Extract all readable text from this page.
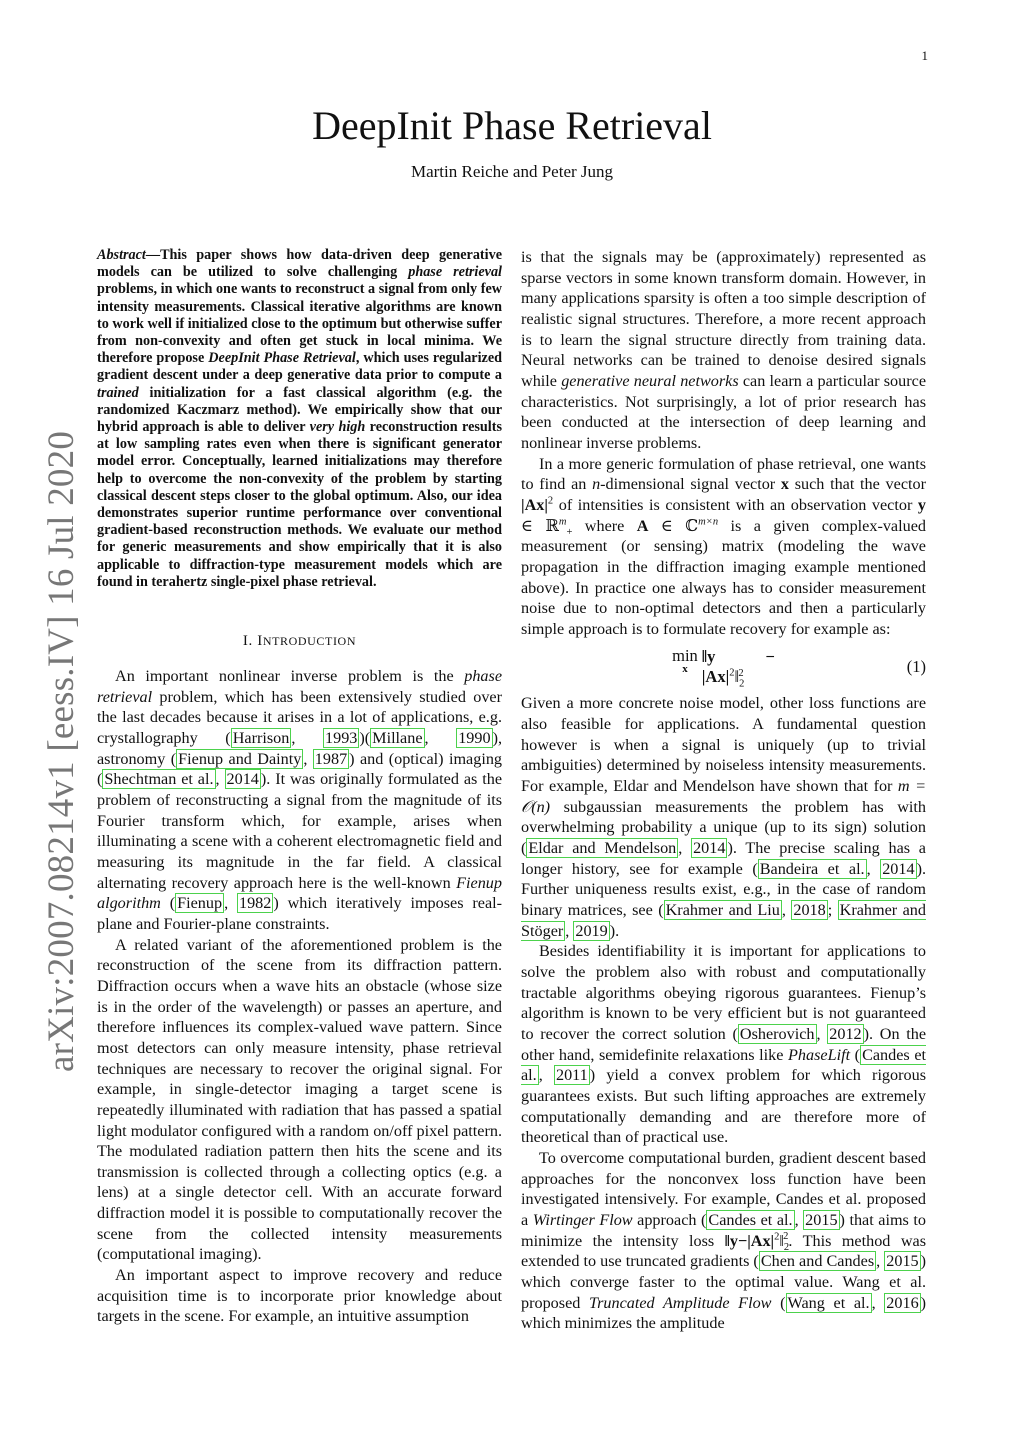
1
arXiv:2007.08214v1 [eess.IV] 16 Jul 2020
DeepInit Phase Retrieval
Martin Reiche and Peter Jung

Abstract—This paper shows how data-driven deep generative models can be utilized to solve challenging phase retrieval problems, in which one wants to reconstruct a signal from only few intensity measurements. Classical iterative algorithms are known to work well if initialized close to the optimum but otherwise suffer from non-convexity and often get stuck in local minima. We therefore propose DeepInit Phase Retrieval, which uses regularized gradient descent under a deep generative data prior to compute a trained initialization for a fast classical algorithm (e.g. the randomized Kaczmarz method). We empirically show that our hybrid approach is able to deliver very high reconstruction results at low sampling rates even when there is significant generator model error. Conceptually, learned initializations may therefore help to overcome the non-convexity of the problem by starting classical descent steps closer to the global optimum. Also, our idea demonstrates superior runtime performance over conventional gradient-based reconstruction methods. We evaluate our method for generic measurements and show empirically that it is also applicable to diffraction-type measurement models which are found in terahertz single-pixel phase retrieval.

I. INTRODUCTION

An important nonlinear inverse problem is the phase retrieval problem, which has been extensively studied over the last decades because it arises in a lot of applications, e.g. crystallography ( Harrison , 1993 )( Millane , 1990 ), astronomy ( Fienup and Dainty , 1987 ) and (optical) imaging ( Shechtman et al. , 2014 ). It was originally formulated as the problem of reconstructing a signal from the magnitude of its Fourier transform which, for example, arises when illuminating a scene with a coherent electromagnetic field and measuring its magnitude in the far field. A classical alternating recovery approach here is the well-known Fienup algorithm ( Fienup , 1982 ) which iteratively imposes real-plane and Fourier-plane constraints.

A related variant of the aforementioned problem is the reconstruction of the scene from its diffraction pattern. Diffraction occurs when a wave hits an obstacle (whose size is in the order of the wavelength) or passes an aperture, and therefore influences its complex-valued wave pattern. Since most detectors can only measure intensity, phase retrieval techniques are necessary to recover the original signal. For example, in single-detector imaging a target scene is repeatedly illuminated with radiation that has passed a spatial light modulator configured with a random on/off pixel pattern. The modulated radiation pattern then hits the scene and its transmission is collected through a collecting optics (e.g. a lens) at a single detector cell. With an accurate forward diffraction model it is possible to computationally recover the scene from the collected intensity measurements (computational imaging).

An important aspect to improve recovery and reduce acquisition time is to incorporate prior knowledge about targets in the scene. For example, an intuitive assumption

is that the signals may be (approximately) represented as sparse vectors in some known transform domain. However, in many applications sparsity is often a too simple description of realistic signal structures. Therefore, a more recent approach is to learn the signal structure directly from training data. Neural networks can be trained to denoise desired signals while generative neural networks can learn a particular source characteristics. Not surprisingly, a lot of prior research has been conducted at the intersection of deep learning and nonlinear inverse problems.

In a more generic formulation of phase retrieval, one wants to find an n-dimensional signal vector x such that the vector $|Ax|^2$ of intensities is consistent with an observation vector y ∈ ℝ$^m_+$ where A ∈ ℂ$^{m\times n}$ is a given complex-valued measurement (or sensing) matrix (modeling the wave propagation in the diffraction imaging example mentioned above). In practice one always has to consider measurement noise due to non-optimal detectors and then a particularly simple approach is to formulate recovery for example as:

min
x
‖y − $|Ax|^2‖_2^2$	(1)

Given a more concrete noise model, other loss functions are also feasible for applications. A fundamental question however is when a signal is uniquely (up to trivial ambiguities) determined by noiseless intensity measurements. For example, Eldar and Mendelson have shown that for m = 𝒪(n) subgaussian measurements the problem has with overwhelming probability a unique (up to its sign) solution ( Eldar and Mendelson , 2014 ). The precise scaling has a longer history, see for example ( Bandeira et al. , 2014 ). Further uniqueness results exist, e.g., in the case of random binary matrices, see ( Krahmer and Liu , 2018 ; Krahmer and Stöger , 2019 ).

Besides identifiability it is important for applications to solve the problem also with robust and computationally tractable algorithms obeying rigorous guarantees. Fienup’s algorithm is known to be very efficient but is not guaranteed to recover the correct solution ( Osherovich , 2012 ). On the other hand, semidefinite relaxations like PhaseLift ( Candes et al. , 2011 ) yield a convex problem for which rigorous guarantees exists. But such lifting approaches are extremely computationally demanding and are therefore more of theoretical than of practical use.

To overcome computational burden, gradient descent based approaches for the nonconvex loss function have been investigated intensively. For example, Candes et al. proposed a Wirtinger Flow approach ( Candes et al. , 2015 ) that aims to minimize the intensity loss $‖y-|Ax|^2‖_2^2$. This method was extended to use truncated gradients ( Chen and Candes , 2015 ) which converge faster to the optimal value. Wang et al. proposed Truncated Amplitude Flow ( Wang et al. , 2016 ) which minimizes the amplitude
